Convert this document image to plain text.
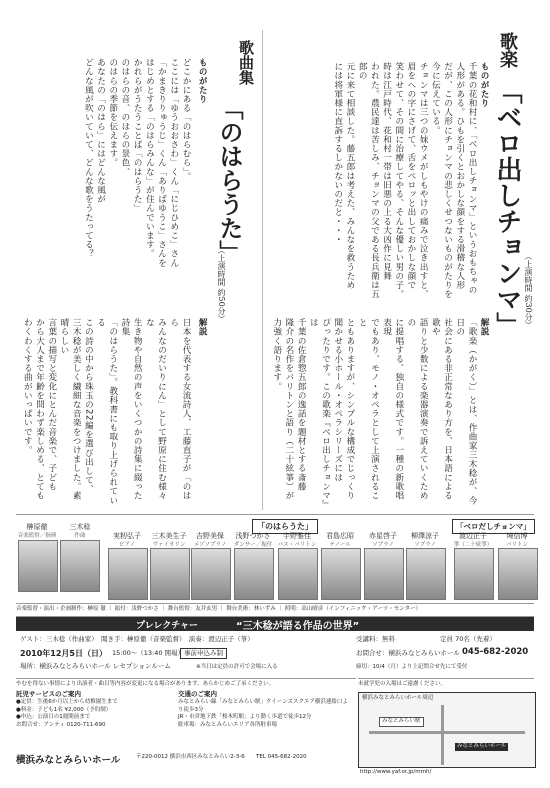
歌楽
「ベロ出しチョンマ」 （上演時間 約30分）
ものがたり
千葉の花和村に、「ベロ出しチョンマ」というおもちゃの
人形がある。ひもを引くとおかしな顔をする滑稽な人形
だが、この人形にチョンマの悲しくせつないものがたりを
今に伝えている。
チョンマは三つの妹ウメがしもやけの痛みで泣き出すと、
眉をへの字にさげて、舌をペロッと出しておかしな顔で
笑わせて、その間に治療してやる、そんな優しい男の子。
時は江戸時代、花和村一帯は旧悪の上る大凶作に見舞
われた。農民達は苦しみ、チョンマの父である長兵衛は五郎の
元に来て相談した。藤五郎は考えた、みんなを救うため
には将軍様に直訴するしかないのだと・・・
解説
「歌楽（かがく）」とは、作曲家三木稔が、今日の
社会にある非正常なあり方を、日本語による歌や
語りと少数による楽器演奏で訴えていくための
に提唱する、独自の様式です。一種の新歌唱表現
でもあり、モノ・オペラとして上演されること
ともありますが、シンプルな構成でじっくり
聞かせる小ホール・オペラシリーズには
ぴったりです。この歌楽『ベロ出しチョンマ』は
千葉の佐倉惣五郎の逸話を題材とする斎藤
隆介の名作をバリトンと語り（二十絃箏）が
力強く語ります。
歌曲集
「のはらうた」
（上演時間 約50分）
ものがたり
どこかにある「のはらむら」。
ここには「ゆうおおさわ」くん「にじひめこ」さん
「かまきりりゅうじ」くん「ありばゆうこ」さんを
はじめとする「のはらみんな」が住んでいます。
かれらがうたうことば「のはらうた」
のはらの音、のはらの景色、
のはらの季節を伝えます。
あなたの「のはら」にはどんな風が
どんな風が吹いていて、どんな歌をうたってる？
解説
日本を代表する女流詩人、工藤直子が「のはら
みんなのだいりにん」として野原に住む様々な
生き物や自然の声をいくつかの詩集に綴った詩集
「のはらうた」。教科書にも取り上げられている
この詩の中から珠玉の22編を選び出して、
三木稔が美しく繊細な音楽をつけました。素晴らしい
言葉の描写と変化にとんだ音楽で、子ども
から大人まで年齢を問わず楽しめる、とても
わくわくする曲がいっぱいです。
「のはらうた」	「ベロだしチョンマ」
榊原徹
音楽監督／指揮
三木稔
作曲	実籾弘子
ピアノ
三木美生子
ヴァイオリン
吉野美保
メゾソプラノ
浅野つかさ
ダンサー／振付
宇野雅佳
バス・バリトン
君島広昭
テノール
赤星啓子
ソプラノ
柳澤涼子
ソプラノ
渡辺正子
箏（二十絃箏）
境信博
バリトン
音楽監督・演出・企画制作：榊原 徹 ｜ 振付：浅野つかさ ｜ 舞台監督：友井玄男 ｜ 舞台美術：林いずみ ｜ 照明：高山晴彦（インフィニック・アーツ・センター）
プレレクチャー	“三木稔が語る作品の世界”
ゲスト：三木稔（作曲家）　聞き手：榊原徹（音楽監督）　演奏：渡辺正子（箏）
2010年12月5日（日） 15:00〜（13:40 開場） 事前申込み制
場所：横浜みなとみらいホール レセプションルーム	※当日は定員の許可で会場に入る
受講料：無料	定員 70名（先着）
お問合せ：横浜みなとみらいホール 045-682-2020
締切：10/4（月）より上記問合せ先にて受付
やむを得ない事情により出演者・曲目等内容が変更になる場合があります。あらかじめご了承ください。	未就学児の入場はご遠慮ください。
託児サービスのご案内
●定員：生後6か月以上から幼稚園生まで
●料金：子ども1名 ¥2,000（予約制）
●申込：公演日の1週間前まで
お問合せ：アンティ 0120-711-690
交通のご案内
みなとみらい線「みなとみらい駅」クイーンズスクエア横浜連絡口より徒歩3分
JR・市営地下鉄「桜木町駅」より動く歩道で徒歩12分
駐車場：みなとみらいエリア各所駐車場
横浜みなとみらいホール周辺
みなとみらい駅
みなとみらいホール
横浜みなとみらいホール	〒220-0012 横浜市西区みなとみらい2-3-6 TEL 045-682-2020
http://www.yaf.or.jp/mmh/
